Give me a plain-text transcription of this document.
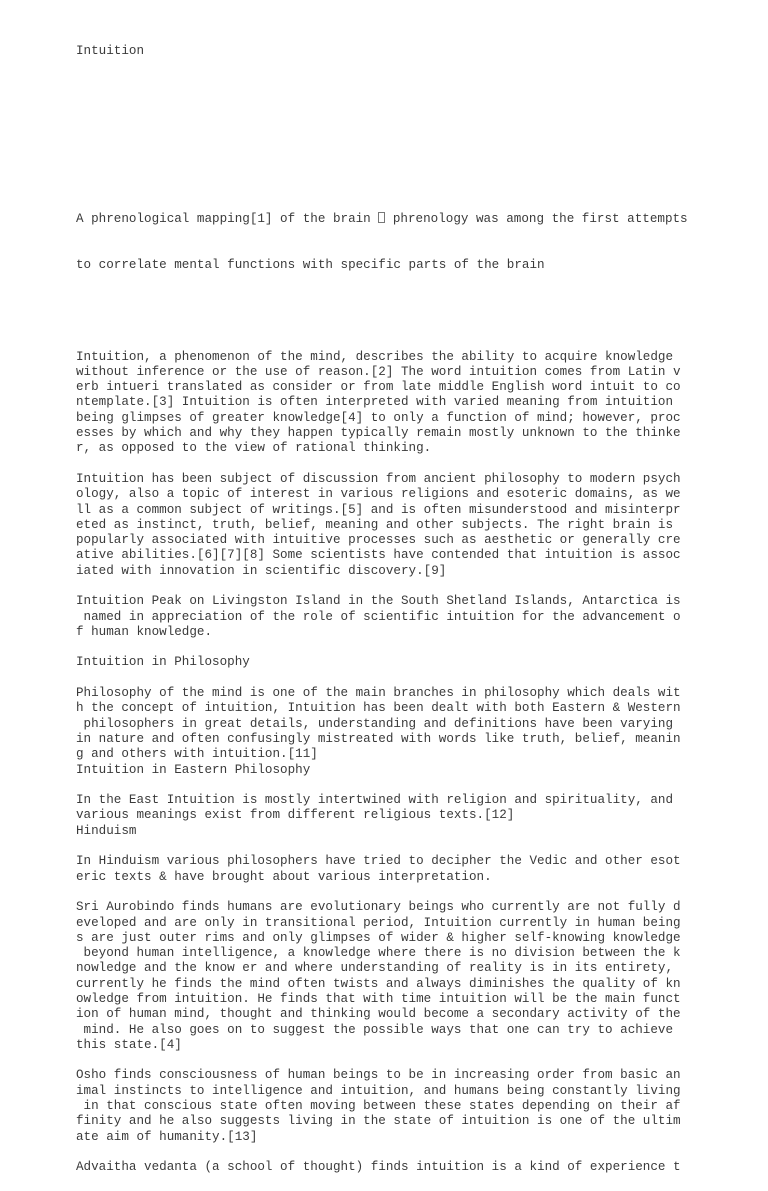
Intuition

A phrenological mapping[1] of the brain  phrenology was among the first attempts

to correlate mental functions with specific parts of the brain

Intuition, a phenomenon of the mind, describes the ability to acquire knowledge
without inference or the use of reason.[2] The word intuition comes from Latin v
erb intueri translated as consider or from late middle English word intuit to co
ntemplate.[3] Intuition is often interpreted with varied meaning from intuition
being glimpses of greater knowledge[4] to only a function of mind; however, proc
esses by which and why they happen typically remain mostly unknown to the thinke
r, as opposed to the view of rational thinking.
Intuition has been subject of discussion from ancient philosophy to modern psych
ology, also a topic of interest in various religions and esoteric domains, as we
ll as a common subject of writings.[5] and is often misunderstood and misinterpr
eted as instinct, truth, belief, meaning and other subjects. The right brain is
popularly associated with intuitive processes such as aesthetic or generally cre
ative abilities.[6][7][8] Some scientists have contended that intuition is assoc
iated with innovation in scientific discovery.[9]
Intuition Peak on Livingston Island in the South Shetland Islands, Antarctica is
named in appreciation of the role of scientific intuition for the advancement o
f human knowledge.
Intuition in Philosophy
Philosophy of the mind is one of the main branches in philosophy which deals wit
h the concept of intuition, Intuition has been dealt with both Eastern & Western
philosophers in great details, understanding and definitions have been varying
in nature and often confusingly mistreated with words like truth, belief, meanin
g and others with intuition.[11]
Intuition in Eastern Philosophy
In the East Intuition is mostly intertwined with religion and spirituality, and
various meanings exist from different religious texts.[12]
Hinduism
In Hinduism various philosophers have tried to decipher the Vedic and other esot
eric texts & have brought about various interpretation.
Sri Aurobindo finds humans are evolutionary beings who currently are not fully d
eveloped and are only in transitional period, Intuition currently in human being
s are just outer rims and only glimpses of wider & higher self-knowing knowledge
beyond human intelligence, a knowledge where there is no division between the k
nowledge and the know er and where understanding of reality is in its entirety,
currently he finds the mind often twists and always diminishes the quality of kn
owledge from intuition. He finds that with time intuition will be the main funct
ion of human mind, thought and thinking would become a secondary activity of the
mind. He also goes on to suggest the possible ways that one can try to achieve
this state.[4]
Osho finds consciousness of human beings to be in increasing order from basic an
imal instincts to intelligence and intuition, and humans being constantly living
in that conscious state often moving between these states depending on their af
finity and he also suggests living in the state of intuition is one of the ultim
ate aim of humanity.[13]
Advaitha vedanta (a school of thought) finds intuition is a kind of experience t
